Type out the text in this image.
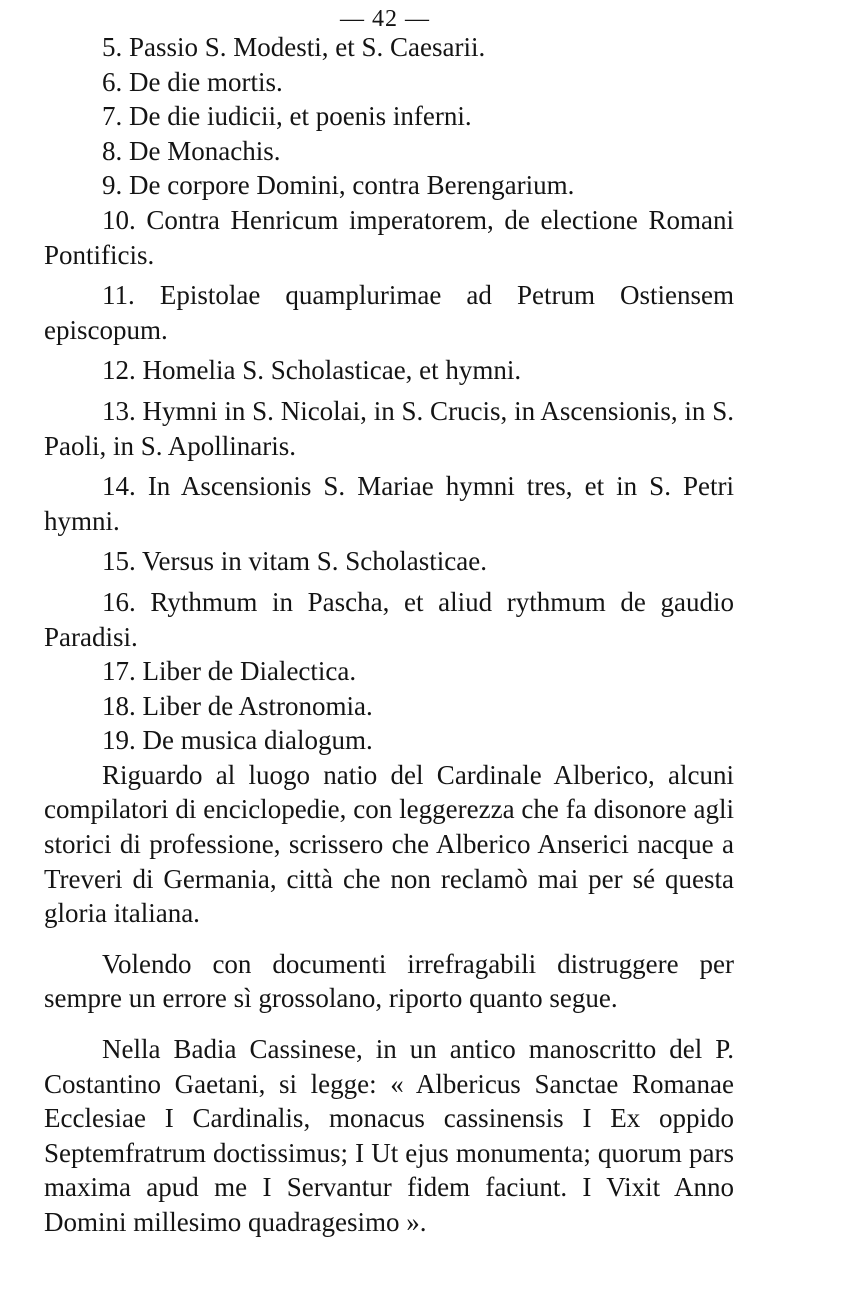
— 42 —

5. Passio S. Modesti, et S. Caesarii.

6. De die mortis.

7. De die iudicii, et poenis inferni.

8. De Monachis.

9. De corpore Domini, contra Berengarium.

10. Contra Henricum imperatorem, de electione Romani Pontificis.

11. Epistolae quamplurimae ad Petrum Ostiensem episcopum.

12. Homelia S. Scholasticae, et hymni.

13. Hymni in S. Nicolai, in S. Crucis, in Ascensionis, in S. Paoli, in S. Apollinaris.

14. In Ascensionis S. Mariae hymni tres, et in S. Petri hymni.

15. Versus in vitam S. Scholasticae.

16. Rythmum in Pascha, et aliud rythmum de gaudio Paradisi.

17. Liber de Dialectica.

18. Liber de Astronomia.

19. De musica dialogum.

Riguardo al luogo natio del Cardinale Alberico, alcuni compilatori di enciclopedie, con leggerezza che fa disonore agli storici di professione, scrissero che Alberico Anserici nacque a Treveri di Germania, città che non reclamò mai per sé questa gloria italiana.

Volendo con documenti irrefragabili distruggere per sempre un errore sì grossolano, riporto quanto segue.

Nella Badia Cassinese, in un antico manoscritto del P. Costantino Gaetani, si legge: « Albericus Sanctae Romanae Ecclesiae I Cardinalis, monacus cassinensis I Ex oppido Septemfratrum doctissimus; I Ut ejus monumenta; quorum pars maxima apud me I Servantur fidem faciunt. I Vixit Anno Domini millesimo quadragesimo ».
